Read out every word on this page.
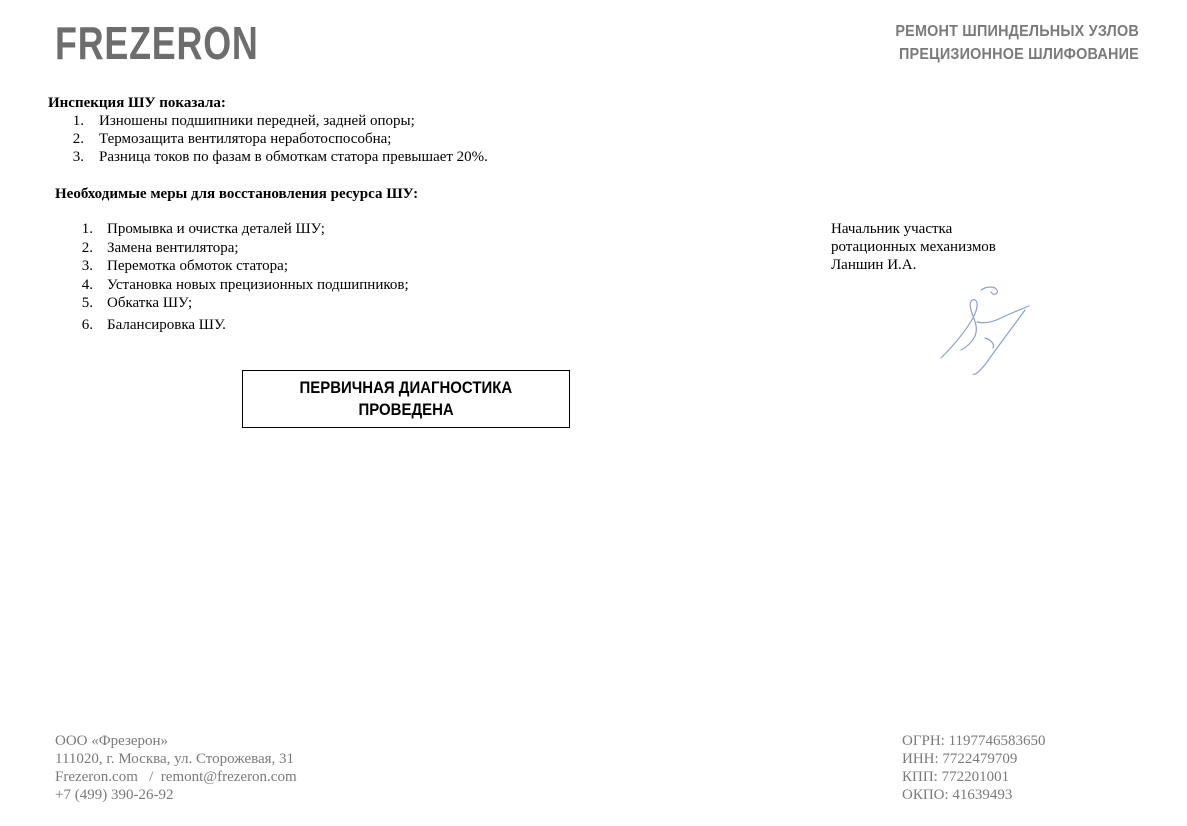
FREZERON	РЕМОНТ ШПИНДЕЛЬНЫХ УЗЛОВ
ПРЕЦИЗИОННОЕ ШЛИФОВАНИЕ
Инспекция ШУ показала:
1. Изношены подшипники передней, задней опоры;
2. Термозащита вентилятора неработоспособна;
3. Разница токов по фазам в обмоткам статора превышает 20%.
Необходимые меры для восстановления ресурса ШУ:
1. Промывка и очистка деталей ШУ;
2. Замена вентилятора;
3. Перемотка обмоток статора;
4. Установка новых прецизионных подшипников;
5. Обкатка ШУ;
6. Балансировка ШУ.
Начальник участка
ротационных механизмов
Ланшин И.А.
ПЕРВИЧНАЯ ДИАГНОСТИКА
ПРОВЕДЕНА
ООО «Фрезерон»
111020, г. Москва, ул. Сторожевая, 31
Frezeron.com   /  remont@frezeron.com
+7 (499) 390-26-92
ОГРН: 1197746583650
ИНН: 7722479709
КПП: 772201001
ОКПО: 41639493
